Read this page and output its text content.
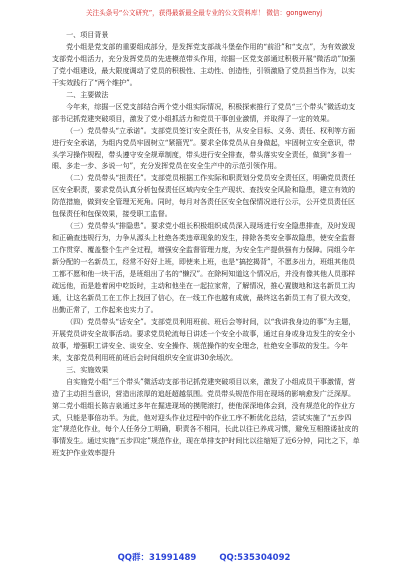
关注头条号“公文研究”，获得最新最全最专业的公文资料库！ 微信：gongwenyj

一、项目背景

党小组是党支部的重要组成部分，是发挥党支部战斗堡垒作用的“前沿”和“支点”，为有效激发支部党小组活力，充分发挥党员的先进模范带头作用，综掘一区党支部通过积极开展“微活动”加强了党小组建设，最大限度调动了党员的积极性、主动性、创造性，引领激励了党员担当作为，以实干实效践行了“两个维护”。

二、主要做法

今年来，综掘一区党支部结合两个党小组实际情况，积极探索推行了党员“三个带头”微活动支部书记抓党建突破项目，激发了党小组抓活力和党员干事创业激情，并取得了一定的效果。

（一）党员带头“立承诺”。支部党员签订安全责任书，从安全目标、义务、责任、权利等方面进行安全承诺，为组内党员牢固树立“紧箍咒”。要求全体党员从自身做起，牢固树立安全意识，带头学习操作规程，带头遵守安全规章制度，带头进行安全排查，带头落实安全责任，做到“多看一眼、多走一步、多说一句”，充分发挥党员在安全生产中的示范引领作用。

（二）党员带头“担责任”。支部党员根据工作实际和职责划分党员安全责任区，明确党员责任区安全职责，要求党员认真分析包保责任区域内安全生产现状、查找安全风险和隐患，建立有效的防范措施，做到安全管理无死角。同时，每月对各责任区安全包保情况进行公示，公开党员责任区包保责任和包保效果，接受职工监督。

（三）党员带头“排隐患”。要求党小组长积极组织成员深入现场进行安全隐患排查，及时发现和正确查违规行为，力争从源头上杜绝各类违章现象的发生，排除各类安全事故隐患，使安全监督工作贯穿、覆盖整个生产全过程，增强安全监督管理力度，为安全生产提供强有力保障。同组今年新分配的一名新员工，经常不好好上班，即使来上班，也是“搞挖揭背”，不愿多出力，班组其他员工都不愿和他一块干活，是班组出了名的“懒汉”。在除柯知道这个情况后，并没有像其他人员那样疏远他，而是趁着闲中吃饭时，主动和他坐在一起拉家常，了解情况，推心置腹地和这名新员工沟通，让这名新员工在工作上找回了信心，在一线工作也越有成就，最终这名新员工有了很大改变，出勤正常了，工作起来也实力了。

（四）党员带头“话安全”。支部党员利用班前、班后会等时间，以“我讲我身边的事”为主题，开展党员讲安全故事活动。要求党员轮流每日讲述一个安全小故事，通过自身或身边发生的安全小故事，增强职工讲安全、谈安全、安全操作、规范操作的安全理念，杜绝安全事故的发生。今年来，支部党员利用班前班后会时间组织安全宣讲30余场次。

三、实施效果

自实施党小组“三个带头”微活动支部书记抓党建突破项目以来，激发了小组成员干事激情，营造了主动担当意识，营造出浓厚的追赶超越氛围。党员带头规范作用在现场的影响愈发广泛深厚。第二党小组组长陈吉泉通过多年在掘进现场的摸爬滚打，使他深深地体会到，没有规范化的作业方式，只能是事倍功半。为此，他对迎头作业过程中的作业工序不断优化总结，尝试实施了“五步四定”规范化作业，每个人任务分工明确，职责各不相同，长此以往已养成习惯，避免互相推诿扯皮的事情发生。通过实施“五步四定”规范作业，现在单排支护时间比以往缩短了近6分钟，同比之下，单班支护作业效率提升

QQ群：31991489	QQ:535304092
